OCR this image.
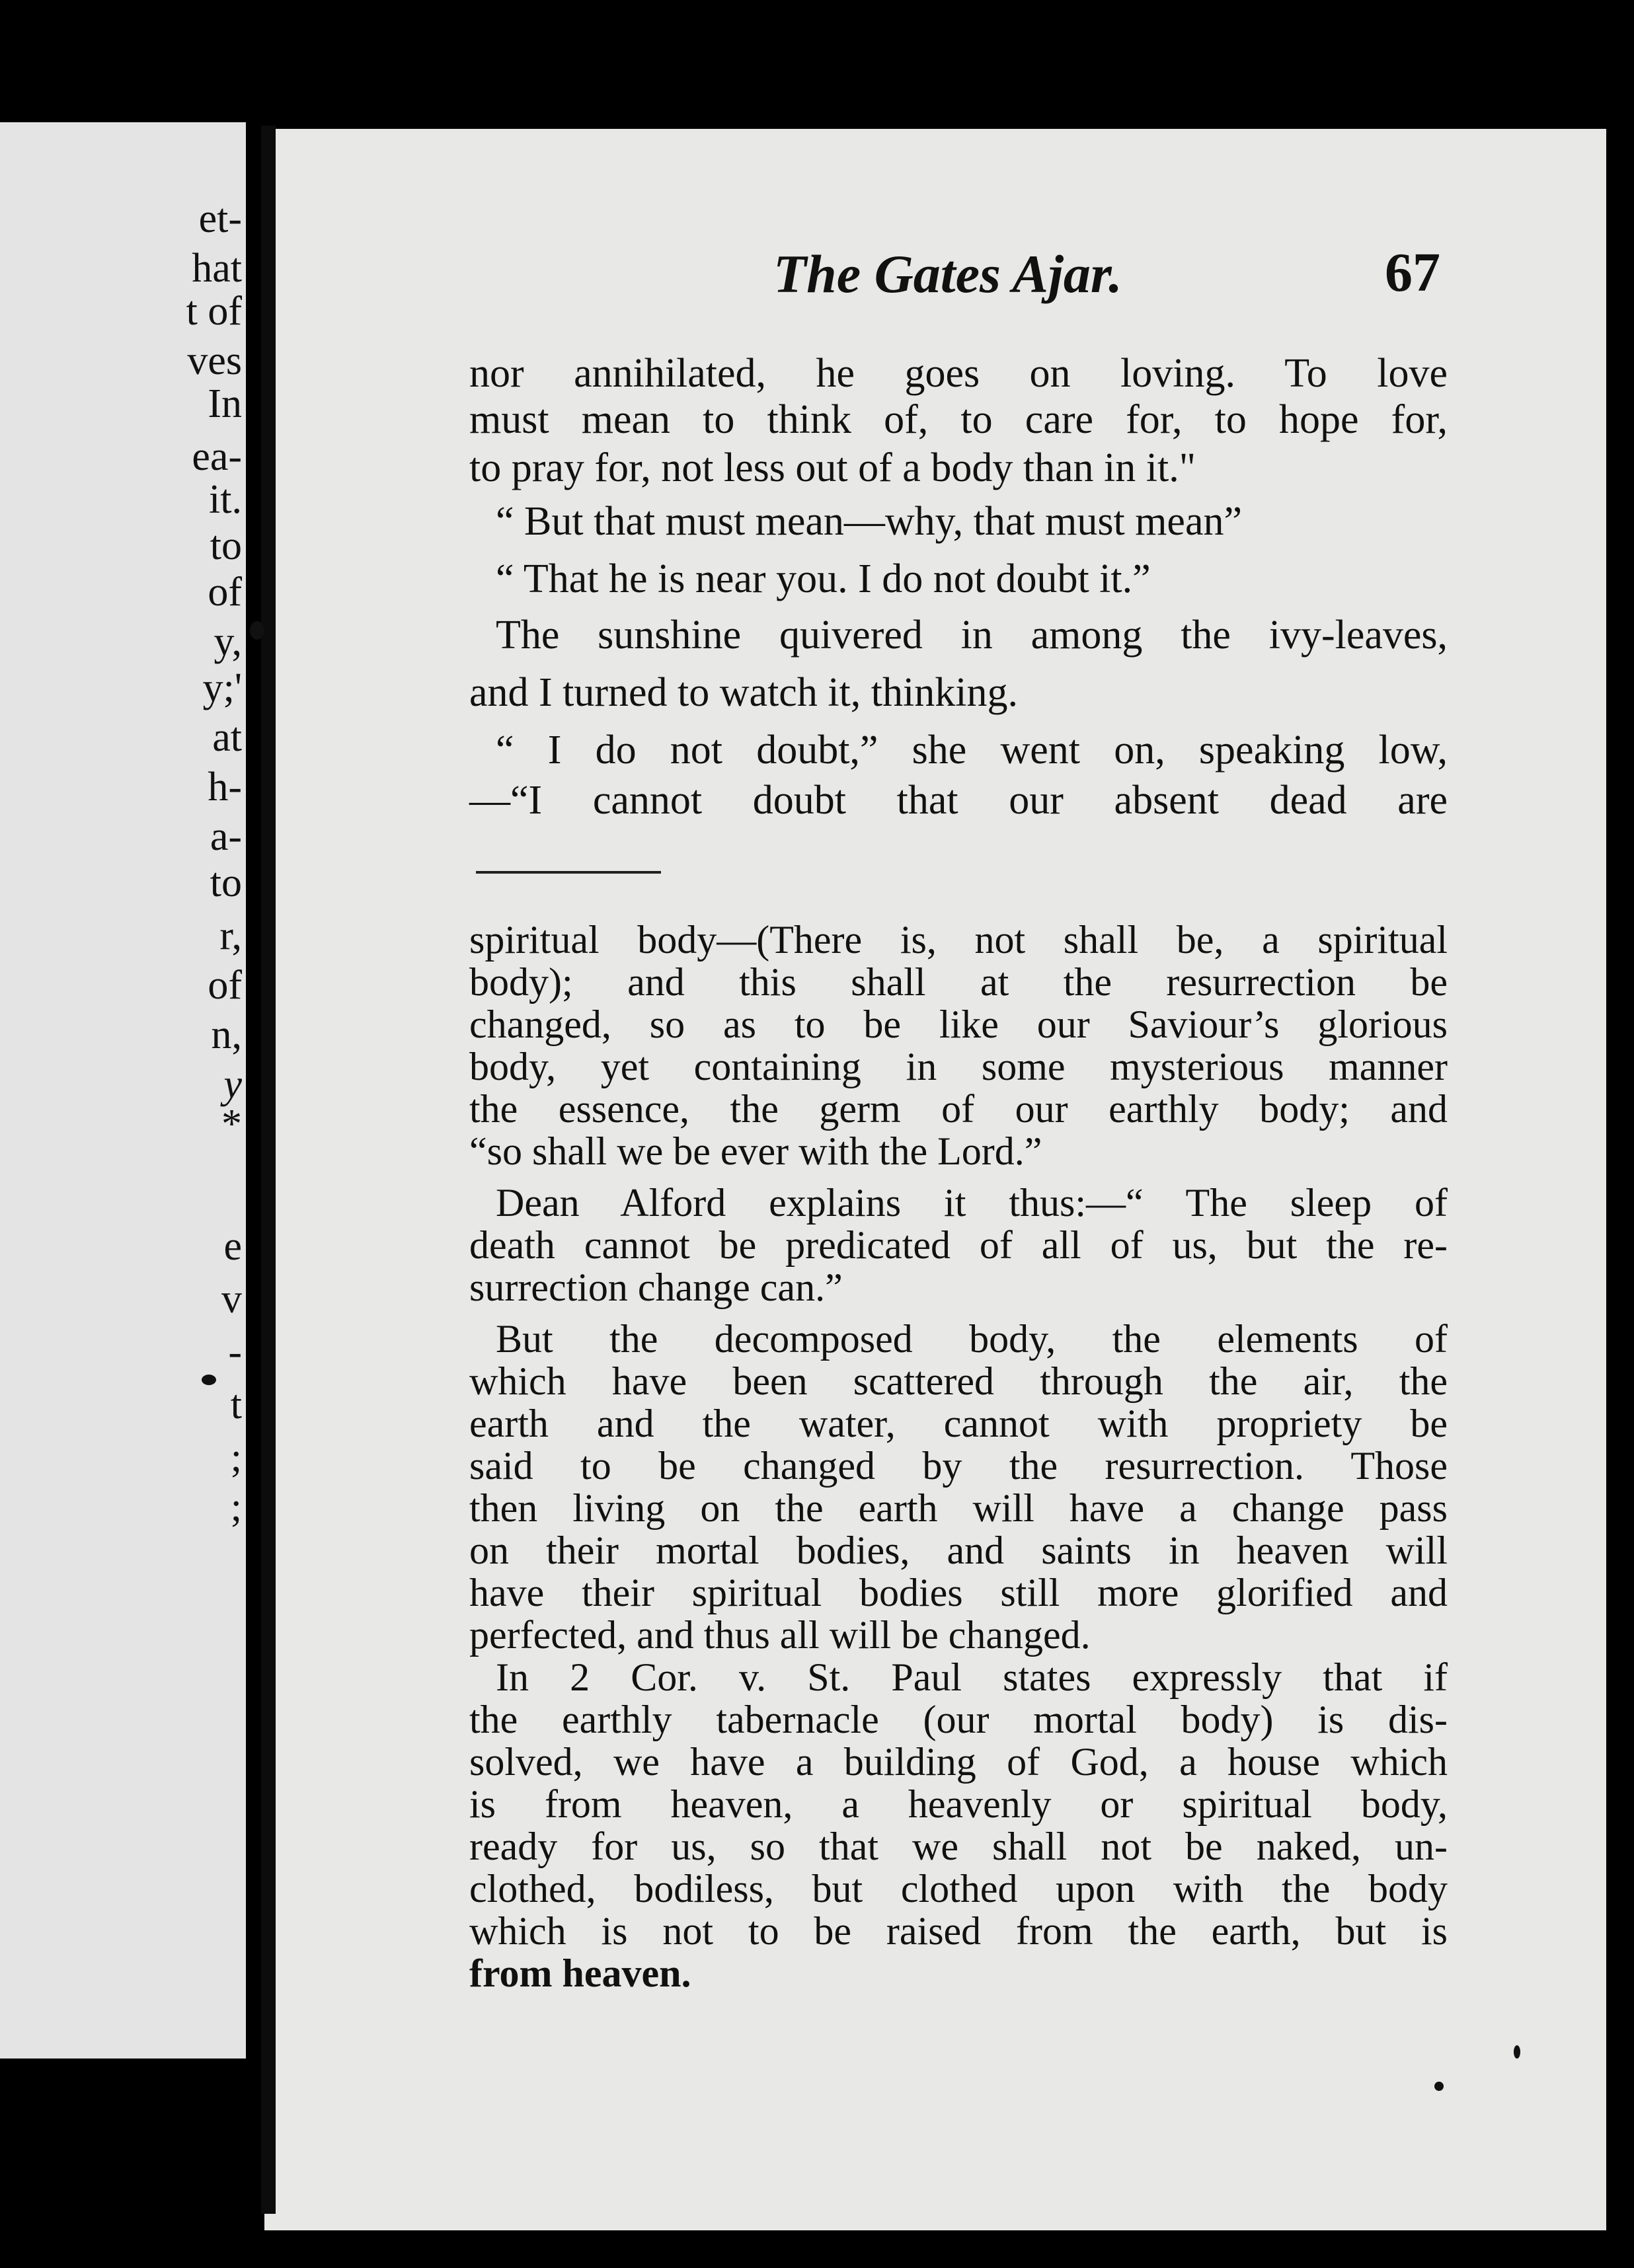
et-
hat
t of
ves
In
ea-
it.
to
of
y,
y;'
at
h-
a-
to
r,
of
n,
y
*
e
v
-
t
;
;
The Gates Ajar.	67
nor annihilated, he goes on loving. To love
must mean to think of, to care for, to hope for,
to pray for, not less out of a body than in it."
“ But that must mean—why, that must mean”
“ That he is near you. I do not doubt it.”
The sunshine quivered in among the ivy-leaves,
and I turned to watch it, thinking.
“ I do not doubt,” she went on, speaking low,
—“I cannot doubt that our absent dead are
spiritual body—(There is, not shall be, a spiritual
body); and this shall at the resurrection be
changed, so as to be like our Saviour’s glorious
body, yet containing in some mysterious manner
the essence, the germ of our earthly body; and
“so shall we be ever with the Lord.”
Dean Alford explains it thus:—“ The sleep of
death cannot be predicated of all of us, but the re-
surrection change can.”
But the decomposed body, the elements of
which have been scattered through the air, the
earth and the water, cannot with propriety be
said to be changed by the resurrection. Those
then living on the earth will have a change pass
on their mortal bodies, and saints in heaven will
have their spiritual bodies still more glorified and
perfected, and thus all will be changed.
In 2 Cor. v. St. Paul states expressly that if
the earthly tabernacle (our mortal body) is dis-
solved, we have a building of God, a house which
is from heaven, a heavenly or spiritual body,
ready for us, so that we shall not be naked, un-
clothed, bodiless, but clothed upon with the body
which is not to be raised from the earth, but is
from heaven.
